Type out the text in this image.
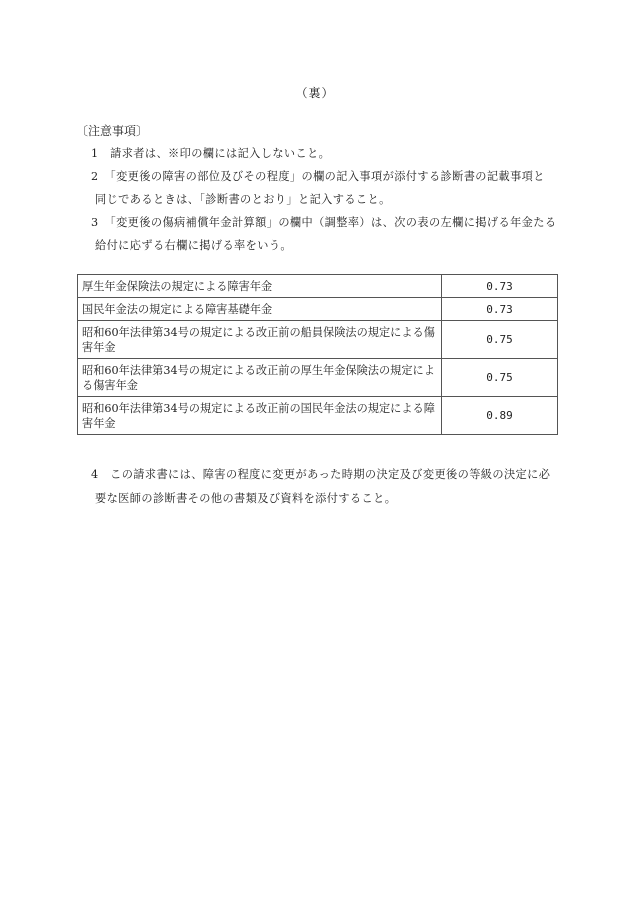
（裏）
〔注意事項〕
1　請求者は、※印の欄には記入しないこと。
2　「変更後の障害の部位及びその程度」の欄の記入事項が添付する診断書の記載事項と
同じであるときは、「診断書のとおり」と記入すること。
3　「変更後の傷病補償年金計算額」の欄中（調整率）は、次の表の左欄に掲げる年金たる
給付に応ずる右欄に掲げる率をいう。
厚生年金保険法の規定による障害年金	0.73
国民年金法の規定による障害基礎年金	0.73
昭和60年法律第34号の規定による改正前の船員保険法の規定による傷害年金	0.75
昭和60年法律第34号の規定による改正前の厚生年金保険法の規定による傷害年金	0.75
昭和60年法律第34号の規定による改正前の国民年金法の規定による障害年金	0.89
4　この請求書には、障害の程度に変更があった時期の決定及び変更後の等級の決定に必
要な医師の診断書その他の書類及び資料を添付すること。
